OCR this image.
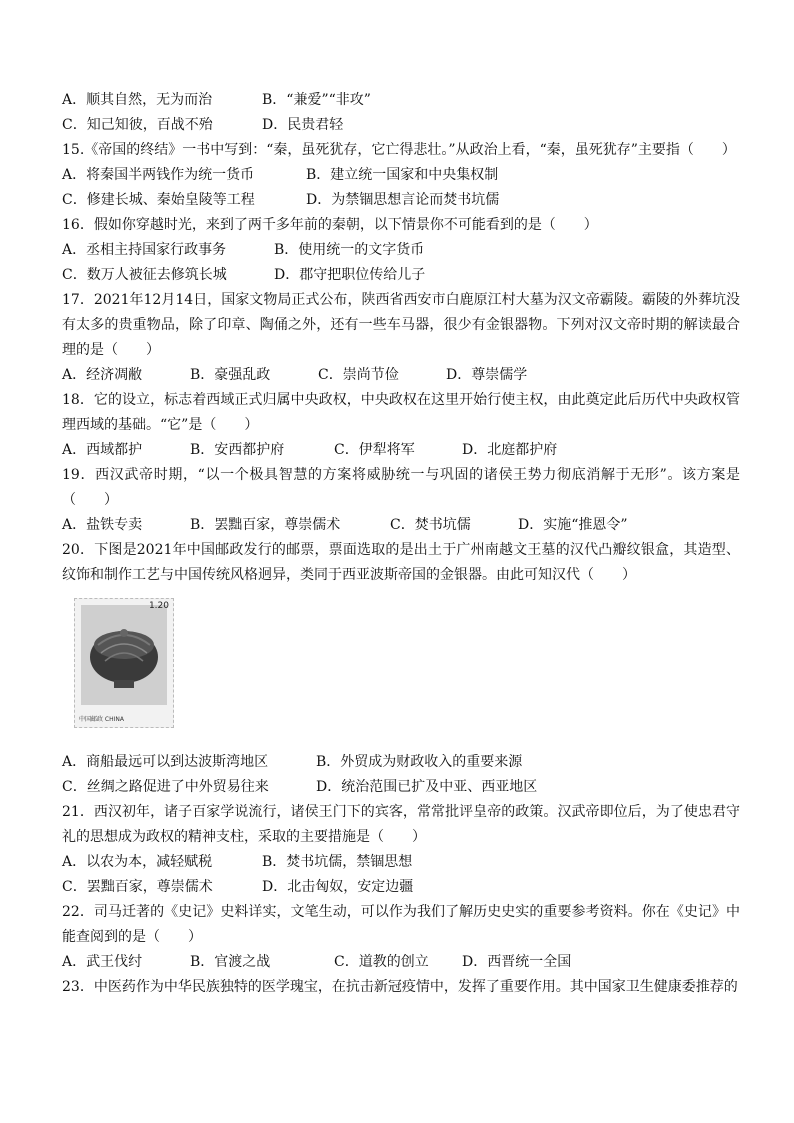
A．顺其自然，无为而治	B．“兼爱”“非攻”
C．知己知彼，百战不殆	D．民贵君轻
15.《帝国的终结》一书中写到：“秦，虽死犹存，它亡得悲壮。”从政治上看，“秦，虽死犹存”主要指（　　）
A．将秦国半两钱作为统一货币	B．建立统一国家和中央集权制
C．修建长城、秦始皇陵等工程	D．为禁锢思想言论而焚书坑儒
16．假如你穿越时光，来到了两千多年前的秦朝，以下情景你不可能看到的是（　　）
A．丞相主持国家行政事务	B．使用统一的文字货币
C．数万人被征去修筑长城	D．郡守把职位传给儿子
17．2021年12月14日，国家文物局正式公布，陕西省西安市白鹿原江村大墓为汉文帝霸陵。霸陵的外葬坑没有太多的贵重物品，除了印章、陶俑之外，还有一些车马器，很少有金银器物。下列对汉文帝时期的解读最合理的是（　　）
A．经济凋敝	B．豪强乱政	C．崇尚节俭	D．尊崇儒学
18．它的设立，标志着西域正式归属中央政权，中央政权在这里开始行使主权，由此奠定此后历代中央政权管理西域的基础。“它”是（　　）
A．西域都护	B．安西都护府	C．伊犁将军	D．北庭都护府
19．西汉武帝时期，“以一个极具智慧的方案将威胁统一与巩固的诸侯王势力彻底消解于无形”。该方案是（　　）
A．盐铁专卖	B．罢黜百家，尊崇儒术	C．焚书坑儒	D．实施“推恩令”
20．下图是2021年中国邮政发行的邮票，票面选取的是出土于广州南越文王墓的汉代凸瓣纹银盒，其造型、纹饰和制作工艺与中国传统风格迥异，类同于西亚波斯帝国的金银器。由此可知汉代（　　）
1.20
中国邮政 CHINA
A．商船最远可以到达波斯湾地区	B．外贸成为财政收入的重要来源
C．丝绸之路促进了中外贸易往来	D．统治范围已扩及中亚、西亚地区
21．西汉初年，诸子百家学说流行，诸侯王门下的宾客，常常批评皇帝的政策。汉武帝即位后，为了使忠君守礼的思想成为政权的精神支柱，采取的主要措施是（　　）
A．以农为本，减轻赋税	B．焚书坑儒，禁锢思想
C．罢黜百家，尊崇儒术	D．北击匈奴，安定边疆
22．司马迁著的《史记》史料详实，文笔生动，可以作为我们了解历史史实的重要参考资料。你在《史记》中能查阅到的是（　　）
A．武王伐纣	B．官渡之战	C．道教的创立 D．西晋统一全国
23．中医药作为中华民族独特的医学瑰宝，在抗击新冠疫情中，发挥了重要作用。其中国家卫生健康委推荐的
